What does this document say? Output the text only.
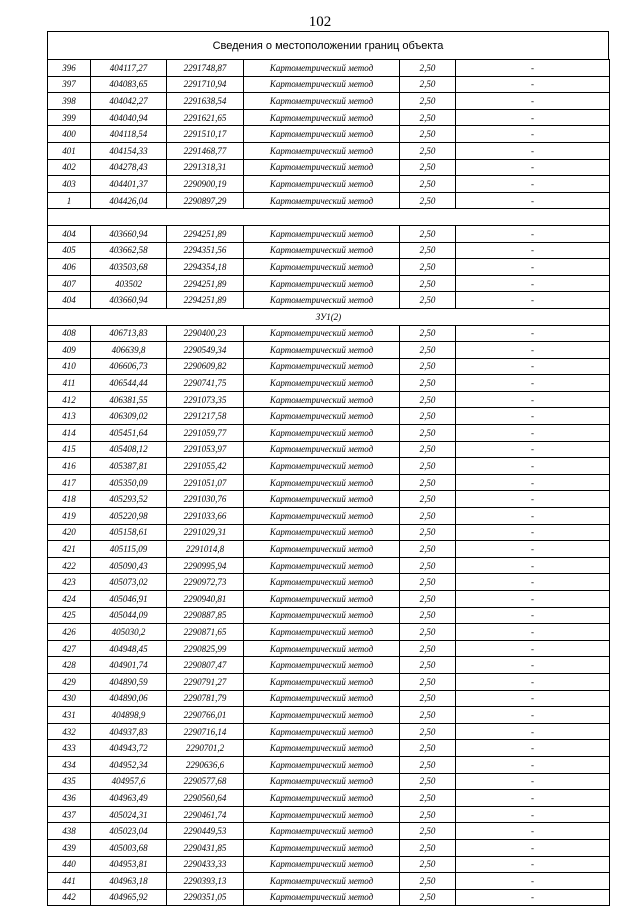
102
Сведения о местоположении границ объекта
396	404117,27	2291748,87	Картометрический метод	2,50	-
397	404083,65	2291710,94	Картометрический метод	2,50	-
398	404042,27	2291638,54	Картометрический метод	2,50	-
399	404040,94	2291621,65	Картометрический метод	2,50	-
400	404118,54	2291510,17	Картометрический метод	2,50	-
401	404154,33	2291468,77	Картометрический метод	2,50	-
402	404278,43	2291318,31	Картометрический метод	2,50	-
403	404401,37	2290900,19	Картометрический метод	2,50	-
1	404426,04	2290897,29	Картометрический метод	2,50	-

404	403660,94	2294251,89	Картометрический метод	2,50	-
405	403662,58	2294351,56	Картометрический метод	2,50	-
406	403503,68	2294354,18	Картометрический метод	2,50	-
407	403502	2294251,89	Картометрический метод	2,50	-
404	403660,94	2294251,89	Картометрический метод	2,50	-
ЗУ1(2)					
408	406713,83	2290400,23	Картометрический метод	2,50	-
409	406639,8	2290549,34	Картометрический метод	2,50	-
410	406606,73	2290609,82	Картометрический метод	2,50	-
411	406544,44	2290741,75	Картометрический метод	2,50	-
412	406381,55	2291073,35	Картометрический метод	2,50	-
413	406309,02	2291217,58	Картометрический метод	2,50	-
414	405451,64	2291059,77	Картометрический метод	2,50	-
415	405408,12	2291053,97	Картометрический метод	2,50	-
416	405387,81	2291055,42	Картометрический метод	2,50	-
417	405350,09	2291051,07	Картометрический метод	2,50	-
418	405293,52	2291030,76	Картометрический метод	2,50	-
419	405220,98	2291033,66	Картометрический метод	2,50	-
420	405158,61	2291029,31	Картометрический метод	2,50	-
421	405115,09	2291014,8	Картометрический метод	2,50	-
422	405090,43	2290995,94	Картометрический метод	2,50	-
423	405073,02	2290972,73	Картометрический метод	2,50	-
424	405046,91	2290940,81	Картометрический метод	2,50	-
425	405044,09	2290887,85	Картометрический метод	2,50	-
426	405030,2	2290871,65	Картометрический метод	2,50	-
427	404948,45	2290825,99	Картометрический метод	2,50	-
428	404901,74	2290807,47	Картометрический метод	2,50	-
429	404890,59	2290791,27	Картометрический метод	2,50	-
430	404890,06	2290781,79	Картометрический метод	2,50	-
431	404898,9	2290766,01	Картометрический метод	2,50	-
432	404937,83	2290716,14	Картометрический метод	2,50	-
433	404943,72	2290701,2	Картометрический метод	2,50	-
434	404952,34	2290636,6	Картометрический метод	2,50	-
435	404957,6	2290577,68	Картометрический метод	2,50	-
436	404963,49	2290560,64	Картометрический метод	2,50	-
437	405024,31	2290461,74	Картометрический метод	2,50	-
438	405023,04	2290449,53	Картометрический метод	2,50	-
439	405003,68	2290431,85	Картометрический метод	2,50	-
440	404953,81	2290433,33	Картометрический метод	2,50	-
441	404963,18	2290393,13	Картометрический метод	2,50	-
442	404965,92	2290351,05	Картометрический метод	2,50	-
